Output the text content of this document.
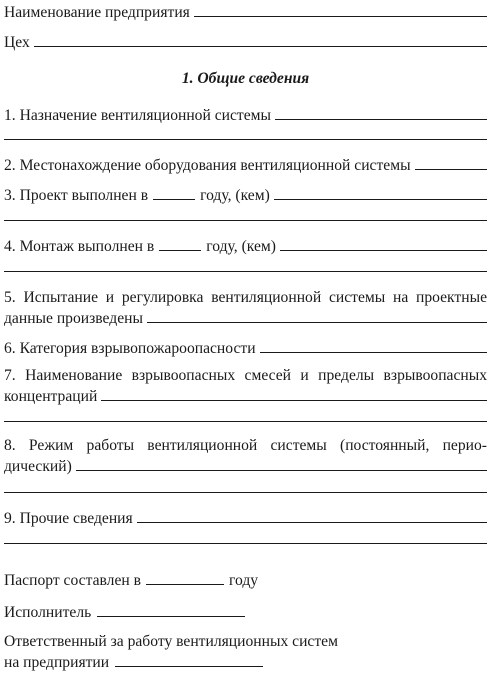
Наименование предприятия
Цех
1. Общие сведения
1. Назначение вентиляционной системы
2. Местонахождение оборудования вентиляционной системы
3. Проект выполнен в	году, (кем)
4. Монтаж выполнен в	году, (кем)
5. Испытание и регулировка вентиляционной системы на проектные
данные произведены
6. Категория взрывопожароопасности
7. Наименование взрывоопасных смесей и пределы взрывоопасных
концентраций
8. Режим работы вентиляционной системы (постоянный, перио-
дический)
9. Прочие сведения
Паспорт составлен в	году
Исполнитель
Ответственный за работу вентиляционных систем
на предприятии
